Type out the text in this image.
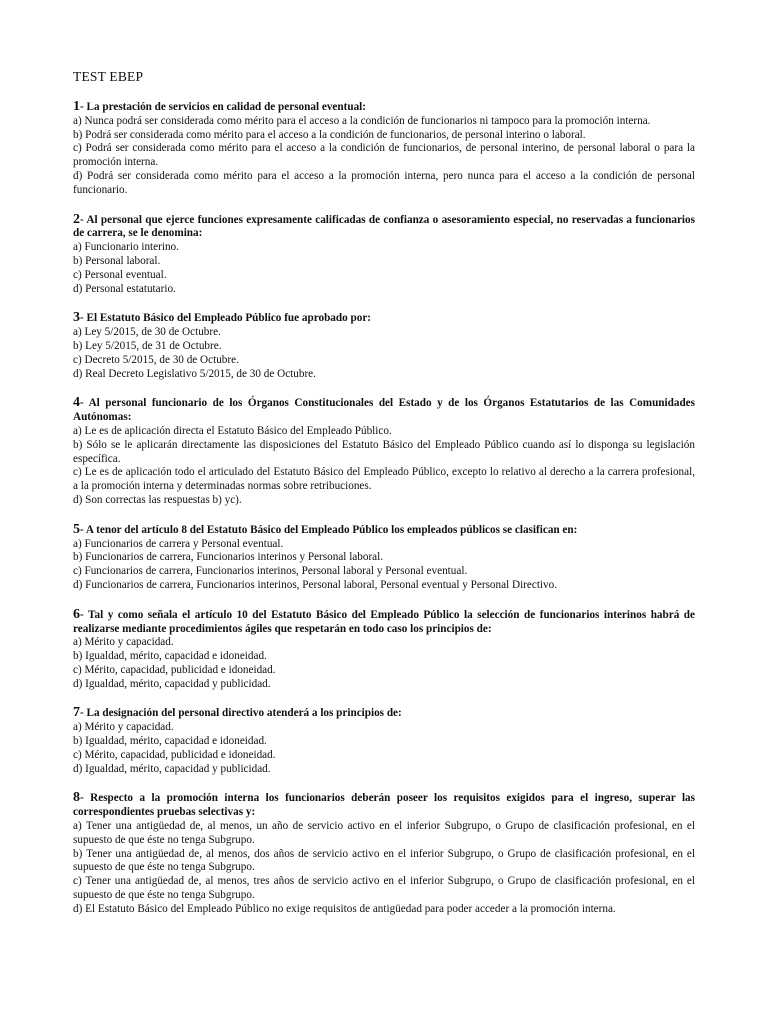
TEST EBEP
1- La prestación de servicios en calidad de personal eventual:
a) Nunca podrá ser considerada como mérito para el acceso a la condición de funcionarios ni tampoco para la promoción interna.
b) Podrá ser considerada como mérito para el acceso a la condición de funcionarios, de personal interino o laboral.
c) Podrá ser considerada como mérito para el acceso a la condición de funcionarios, de personal interino, de personal laboral o para la promoción interna.
d) Podrá ser considerada como mérito para el acceso a la promoción interna, pero nunca para el acceso a la condición de personal funcionario.
2- Al personal que ejerce funciones expresamente calificadas de confianza o asesoramiento especial, no reservadas a funcionarios de carrera, se le denomina:
a) Funcionario interino.
b) Personal laboral.
c) Personal eventual.
d) Personal estatutario.
3- El Estatuto Básico del Empleado Público fue aprobado por:
a) Ley 5/2015, de 30 de Octubre.
b) Ley 5/2015, de 31 de Octubre.
c) Decreto 5/2015, de 30 de Octubre.
d) Real Decreto Legislativo 5/2015, de 30 de Octubre.
4- Al personal funcionario de los Órganos Constitucionales del Estado y de los Órganos Estatutarios de las Comunidades Autónomas:
a) Le es de aplicación directa el Estatuto Básico del Empleado Público.
b) Sólo se le aplicarán directamente las disposiciones del Estatuto Básico del Empleado Público cuando así lo disponga su legislación específica.
c) Le es de aplicación todo el articulado del Estatuto Básico del Empleado Público, excepto lo relativo al derecho a la carrera profesional, a la promoción interna y determinadas normas sobre retribuciones.
d) Son correctas las respuestas b) yc).
5- A tenor del artículo 8 del Estatuto Básico del Empleado Público los empleados públicos se clasifican en:
a) Funcionarios de carrera y Personal eventual.
b) Funcionarios de carrera, Funcionarios interinos y Personal laboral.
c) Funcionarios de carrera, Funcionarios interinos, Personal laboral y Personal eventual.
d) Funcionarios de carrera, Funcionarios interinos, Personal laboral, Personal eventual y Personal Directivo.
6- Tal y como señala el artículo 10 del Estatuto Básico del Empleado Público la selección de funcionarios interinos habrá de realizarse mediante procedimientos ágiles que respetarán en todo caso los principios de:
a) Mérito y capacidad.
b) Igualdad, mérito, capacidad e idoneidad.
c) Mérito, capacidad, publicidad e idoneidad.
d) Igualdad, mérito, capacidad y publicidad.
7- La designación del personal directivo atenderá a los principios de:
a) Mérito y capacidad.
b) Igualdad, mérito, capacidad e idoneidad.
c) Mérito, capacidad, publicidad e idoneidad.
d) Igualdad, mérito, capacidad y publicidad.
8- Respecto a la promoción interna los funcionarios deberán poseer los requisitos exigidos para el ingreso, superar las correspondientes pruebas selectivas y:
a) Tener una antigüedad de, al menos, un año de servicio activo en el inferior Subgrupo, o Grupo de clasificación profesional, en el supuesto de que éste no tenga Subgrupo.
b) Tener una antigüedad de, al menos, dos años de servicio activo en el inferior Subgrupo, o Grupo de clasificación profesional, en el supuesto de que éste no tenga Subgrupo.
c) Tener una antigüedad de, al menos, tres años de servicio activo en el inferior Subgrupo, o Grupo de clasificación profesional, en el supuesto de que éste no tenga Subgrupo.
d) El Estatuto Básico del Empleado Público no exige requisitos de antigüedad para poder acceder a la promoción interna.
